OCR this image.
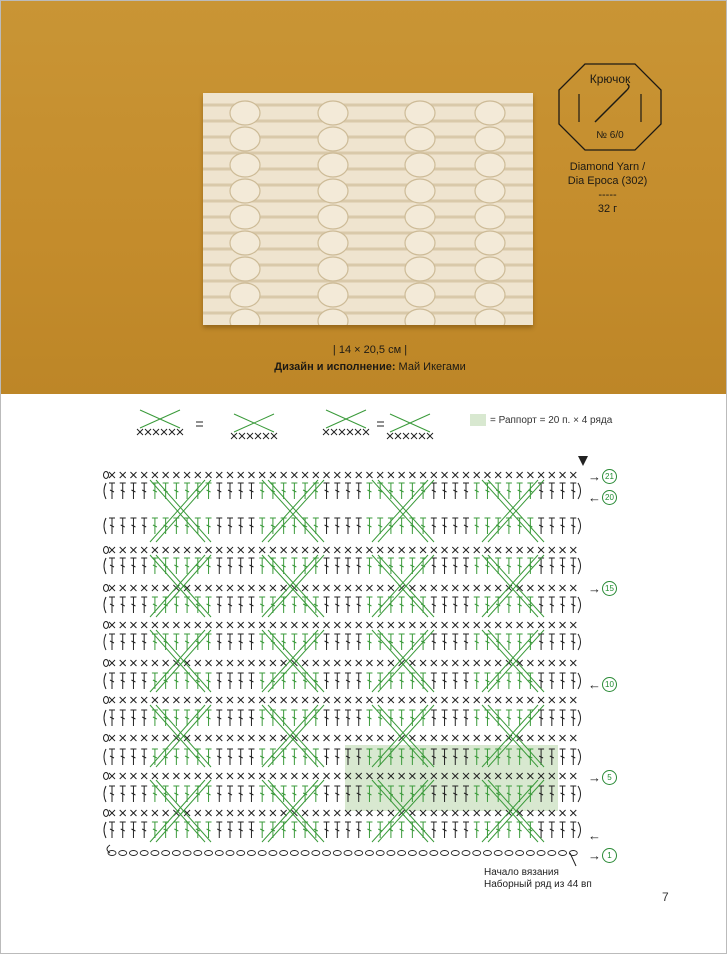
Крючок
№ 6/0
Diamond Yarn /
Dia Epoca (302)
-----
32 г
| 14 × 20,5 см |
Дизайн и исполнение: Май Икегами
= Раппорт = 20 п. × 4 ряда
→ 21
← 20
→ 15
← 10
→ 5
←
→ 1
Начало вязания
Наборный ряд из 44 вп
7
